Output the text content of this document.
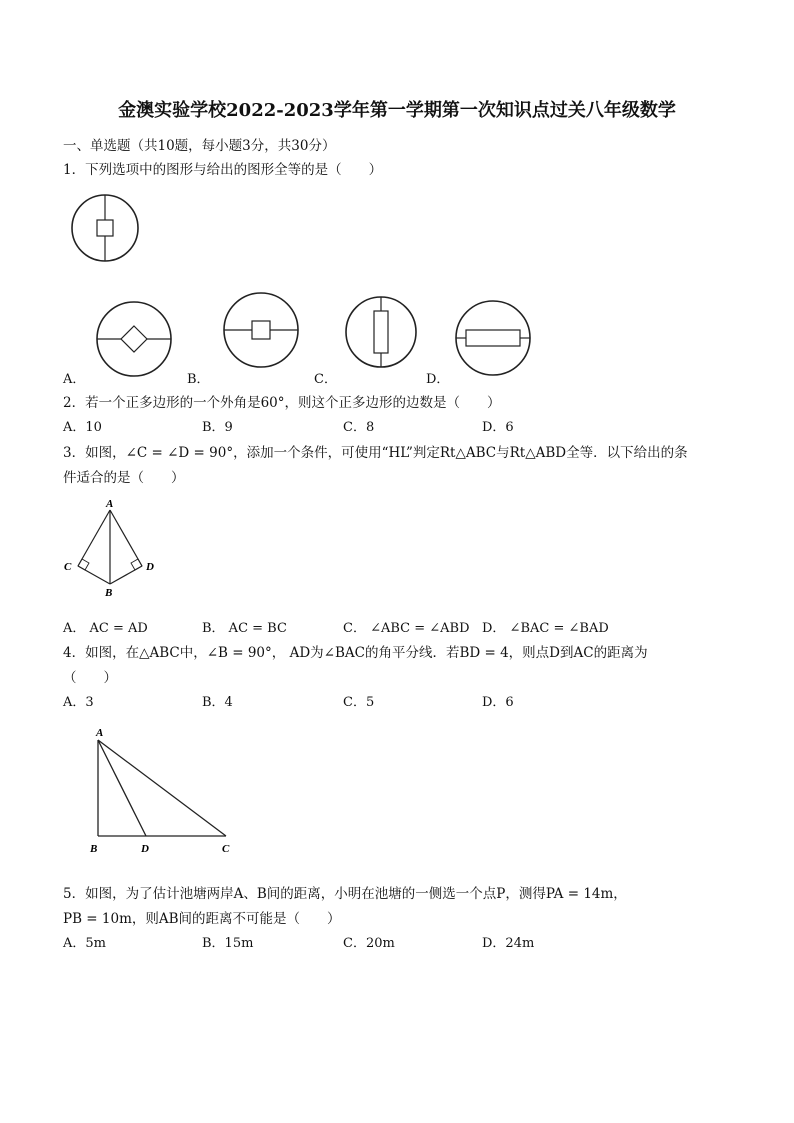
金澳实验学校2022-2023学年第一学期第一次知识点过关八年级数学
一、单选题（共10题，每小题3分，共30分）
1．下列选项中的图形与给出的图形全等的是（　　）
A．	B．	C．	D．
2．若一个正多边形的一个外角是60°，则这个正多边形的边数是（　　）
A．10	B．9	C．8	D．6
3．如图，∠C = ∠D = 90°，添加一个条件，可使用“HL”判定Rt△ABC与Rt△ABD全等．以下给出的条
件适合的是（　　）
A
C	D
B
A． AC = AD	B． AC = BC	C． ∠ABC = ∠ABD D． ∠BAC = ∠BAD
4．如图，在△ABC中，∠B = 90°， AD为∠BAC的角平分线．若BD = 4，则点D到AC的距离为
（　　）
A．3	B．4	C．5	D．6
A
B	D	C
5．如图，为了估计池塘两岸A、B间的距离，小明在池塘的一侧选一个点P，测得PA = 14m，
PB = 10m，则AB间的距离不可能是（　　）
A．5m	B．15m	C．20m	D．24m
